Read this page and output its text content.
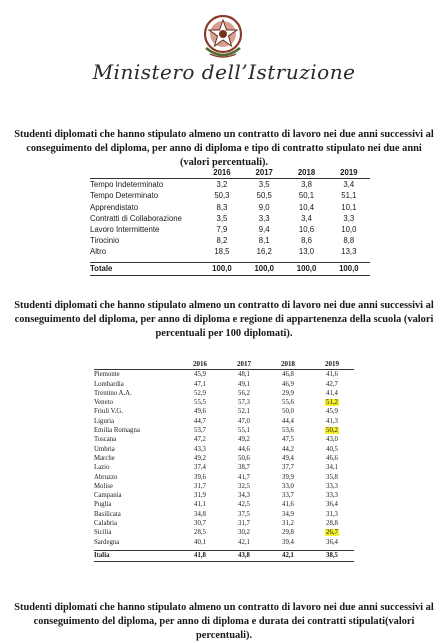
Ministero dell’Istruzione
Studenti diplomati che hanno stipulato almeno un contratto di lavoro nei due anni successivi al conseguimento del diploma, per anno di diploma e tipo di contratto stipulato nei due anni (valori percentuali).
	2016	2017	2018	2019
Tempo Indeterminato	3,2	3,5	3,8	3,4
Tempo Determinato	50,3	50,5	50,1	51,1
Apprendistato	8,3	9,0	10,4	10,1
Contratti di Collaborazione	3,5	3,3	3,4	3,3
Lavoro Intermittente	7,9	9,4	10,6	10,0
Tirocinio	8,2	8,1	8,6	8,8
Altro	18,5	16,2	13,0	13,3

Totale	100,0	100,0	100,0	100,0
Studenti diplomati che hanno stipulato almeno un contratto di lavoro nei due anni successivi al conseguimento del diploma, per anno di diploma e regione di appartenenza della scuola (valori percentuali per 100 diplomati).
	2016	2017	2018	2019
Piemonte	45,9	48,1	46,8	41,6
Lombardia	47,1	49,1	46,9	42,7
Trentino A.A.	52,9	56,2	29,9	41,4
Veneto	55,5	57,3	55,6	51,2
Friuli V.G.	49,6	52,1	50,0	45,9
Liguria	44,7	47,0	44,4	41,3
Emilia Romagna	53,7	55,1	53,6	50,2
Toscana	47,2	49,2	47,5	43,0
Umbria	43,3	44,6	44,2	40,5
Marche	49,2	50,6	49,4	46,6
Lazio	37,4	38,7	37,7	34,1
Abruzzo	39,6	41,7	39,9	35,8
Molise	31,7	32,5	33,0	33,3
Campania	31,9	34,3	33,7	33,3
Puglia	41,1	42,5	41,6	36,4
Basilicata	34,8	37,5	34,9	31,3
Calabria	30,7	31,7	31,2	28,8
Sicilia	28,5	30,2	29,8	26,7
Sardegna	40,1	42,1	39,4	36,4

Italia	41,8	43,8	42,1	38,5
Studenti diplomati che hanno stipulato almeno un contratto di lavoro nei due anni successivi al conseguimento del diploma, per anno di diploma e durata dei contratti stipulati(valori percentuali).
